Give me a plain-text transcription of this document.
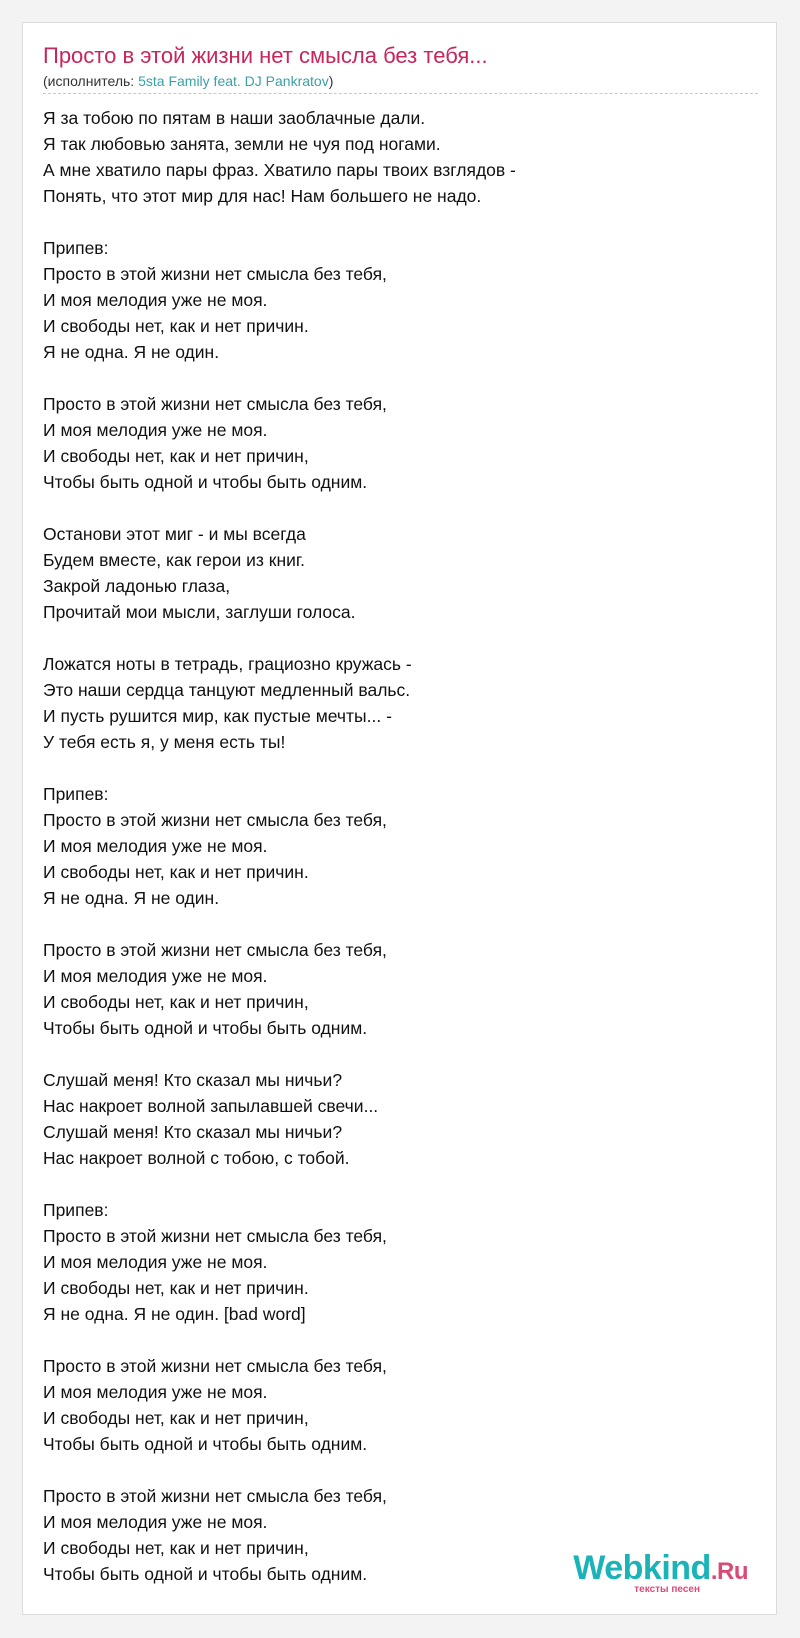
Просто в этой жизни нет смысла без тебя...
(исполнитель: 5sta Family feat. DJ Pankratov)
Я за тобою по пятам в наши заоблачные дали.
Я так любовью занята, земли не чуя под ногами.
А мне хватило пары фраз. Хватило пары твоих взглядов -
Понять, что этот мир для нас! Нам большего не надо.
Припев:
Просто в этой жизни нет смысла без тебя,
И моя мелодия уже не моя.
И свободы нет, как и нет причин.
Я не одна. Я не один.
Просто в этой жизни нет смысла без тебя,
И моя мелодия уже не моя.
И свободы нет, как и нет причин,
Чтобы быть одной и чтобы быть одним.
Останови этот миг - и мы всегда
Будем вместе, как герои из книг.
Закрой ладонью глаза,
Прочитай мои мысли, заглуши голоса.
Ложатся ноты в тетрадь, грациозно кружась -
Это наши сердца танцуют медленный вальс.
И пусть рушится мир, как пустые мечты... -
У тебя есть я, у меня есть ты!
Припев:
Просто в этой жизни нет смысла без тебя,
И моя мелодия уже не моя.
И свободы нет, как и нет причин.
Я не одна. Я не один.
Просто в этой жизни нет смысла без тебя,
И моя мелодия уже не моя.
И свободы нет, как и нет причин,
Чтобы быть одной и чтобы быть одним.
Слушай меня! Кто сказал мы ничьи?
Нас накроет волной запылавшей свечи...
Слушай меня! Кто сказал мы ничьи?
Нас накроет волной с тобою, с тобой.
Припев:
Просто в этой жизни нет смысла без тебя,
И моя мелодия уже не моя.
И свободы нет, как и нет причин.
Я не одна. Я не один. [bad word]
Просто в этой жизни нет смысла без тебя,
И моя мелодия уже не моя.
И свободы нет, как и нет причин,
Чтобы быть одной и чтобы быть одним.
Просто в этой жизни нет смысла без тебя,
И моя мелодия уже не моя.
И свободы нет, как и нет причин,
Чтобы быть одной и чтобы быть одним.	Webkind.Ru
тексты песен
